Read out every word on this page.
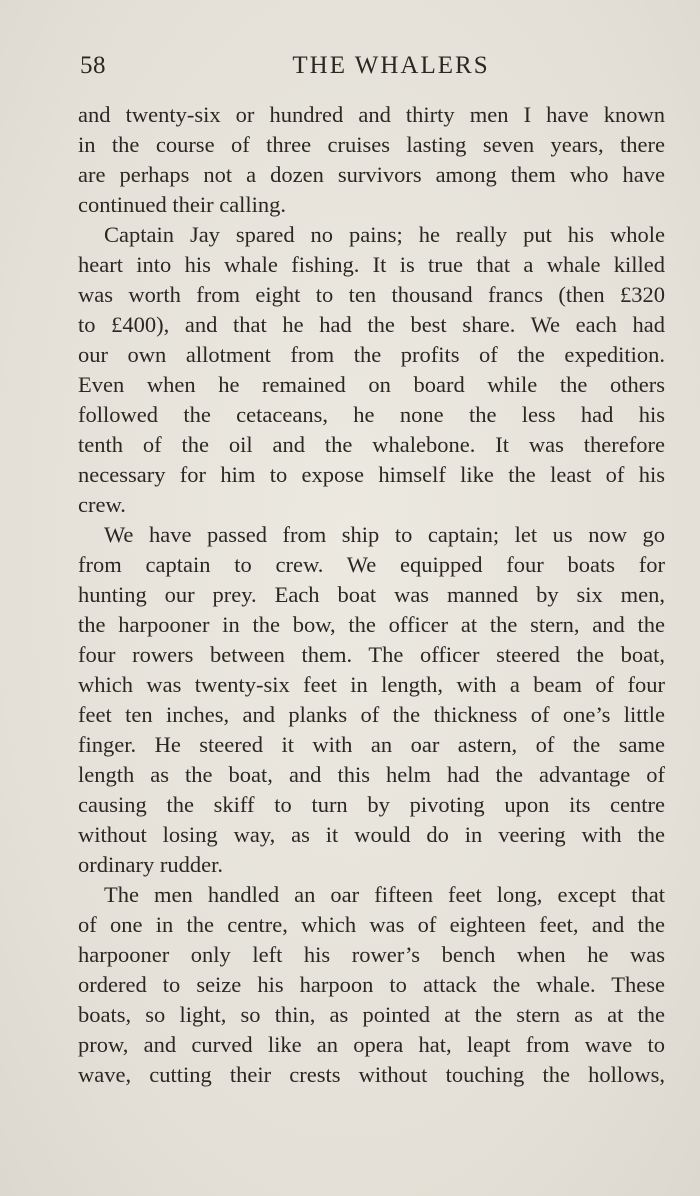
58	THE WHALERS
and twenty-six or hundred and thirty men I have known
in the course of three cruises lasting seven years, there
are perhaps not a dozen survivors among them who have
continued their calling.
Captain Jay spared no pains; he really put his whole
heart into his whale fishing. It is true that a whale killed
was worth from eight to ten thousand francs (then £320
to £400), and that he had the best share. We each had
our own allotment from the profits of the expedition.
Even when he remained on board while the others
followed the cetaceans, he none the less had his
tenth of the oil and the whalebone. It was therefore
necessary for him to expose himself like the least of his
crew.
We have passed from ship to captain; let us now go
from captain to crew. We equipped four boats for
hunting our prey. Each boat was manned by six men,
the harpooner in the bow, the officer at the stern, and the
four rowers between them. The officer steered the boat,
which was twenty-six feet in length, with a beam of four
feet ten inches, and planks of the thickness of one’s little
finger. He steered it with an oar astern, of the same
length as the boat, and this helm had the advantage of
causing the skiff to turn by pivoting upon its centre
without losing way, as it would do in veering with the
ordinary rudder.
The men handled an oar fifteen feet long, except that
of one in the centre, which was of eighteen feet, and the
harpooner only left his rower’s bench when he was
ordered to seize his harpoon to attack the whale. These
boats, so light, so thin, as pointed at the stern as at the
prow, and curved like an opera hat, leapt from wave to
wave, cutting their crests without touching the hollows,
